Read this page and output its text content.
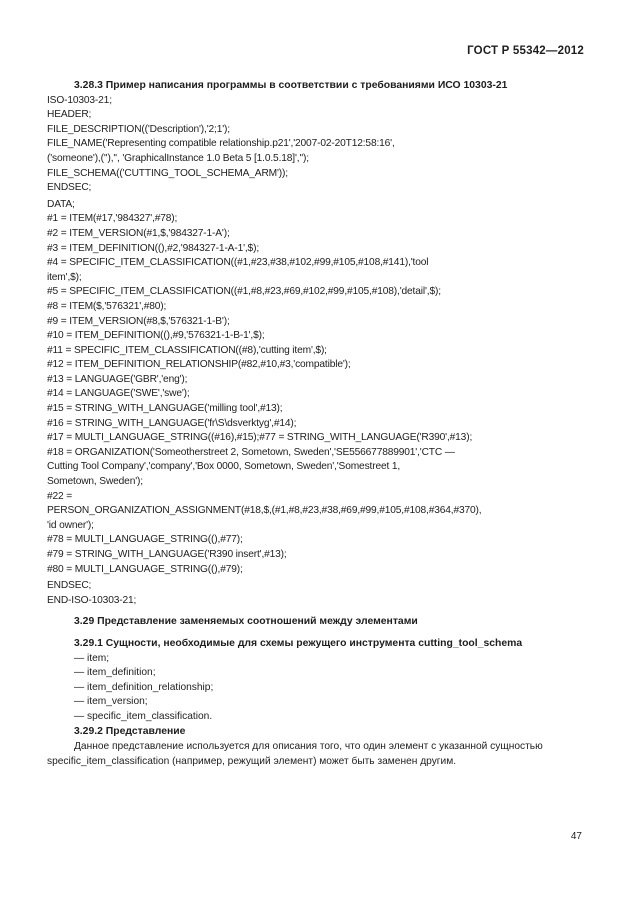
ГОСТ Р 55342—2012
3.28.3 Пример написания программы в соответствии с требованиями ИСО 10303-21
ISO-10303-21;
HEADER;
FILE_DESCRIPTION(('Description'),'2;1');
FILE_NAME('Representing compatible relationship.p21','2007-02-20T12:58:16',
('someone'),(''),'', 'GraphicalInstance 1.0 Beta 5 [1.0.5.18]','');
FILE_SCHEMA(('CUTTING_TOOL_SCHEMA_ARM'));
ENDSEC;
DATA;
#1 = ITEM(#17,'984327',#78);
#2 = ITEM_VERSION(#1,$,'984327-1-A');
#3 = ITEM_DEFINITION((),#2,'984327-1-A-1',$);
#4 = SPECIFIC_ITEM_CLASSIFICATION((#1,#23,#38,#102,#99,#105,#108,#141),'tool
item',$);
#5 = SPECIFIC_ITEM_CLASSIFICATION((#1,#8,#23,#69,#102,#99,#105,#108),'detail',$);
#8 = ITEM($,'576321',#80);
#9 = ITEM_VERSION(#8,$,'576321-1-B');
#10 = ITEM_DEFINITION((),#9,'576321-1-B-1',$);
#11 = SPECIFIC_ITEM_CLASSIFICATION((#8),'cutting item',$);
#12 = ITEM_DEFINITION_RELATIONSHIP(#82,#10,#3,'compatible');
#13 = LANGUAGE('GBR','eng');
#14 = LANGUAGE('SWE','swe');
#15 = STRING_WITH_LANGUAGE('milling tool',#13);
#16 = STRING_WITH_LANGUAGE('fr\S\dsverktyg',#14);
#17 = MULTI_LANGUAGE_STRING((#16),#15);#77 = STRING_WITH_LANGUAGE('R390',#13);
#18 = ORGANIZATION('Someotherstreet 2, Sometown, Sweden','SE556677889901','CTC —
Cutting Tool Company','company','Box 0000, Sometown, Sweden','Somestreet 1,
Sometown, Sweden');
#22 =
PERSON_ORGANIZATION_ASSIGNMENT(#18,$,(#1,#8,#23,#38,#69,#99,#105,#108,#364,#370),
'id owner');
#78 = MULTI_LANGUAGE_STRING((),#77);
#79 = STRING_WITH_LANGUAGE('R390 insert',#13);
#80 = MULTI_LANGUAGE_STRING((),#79);
ENDSEC;
END-ISO-10303-21;
3.29 Представление заменяемых соотношений между элементами
3.29.1 Сущности, необходимые для схемы режущего инструмента cutting_tool_schema
— item;
— item_definition;
— item_definition_relationship;
— item_version;
— specific_item_classification.
3.29.2 Представление
Данное представление используется для описания того, что один элемент с указанной сущностью specific_item_classification (например, режущий элемент) может быть заменен другим.
47
